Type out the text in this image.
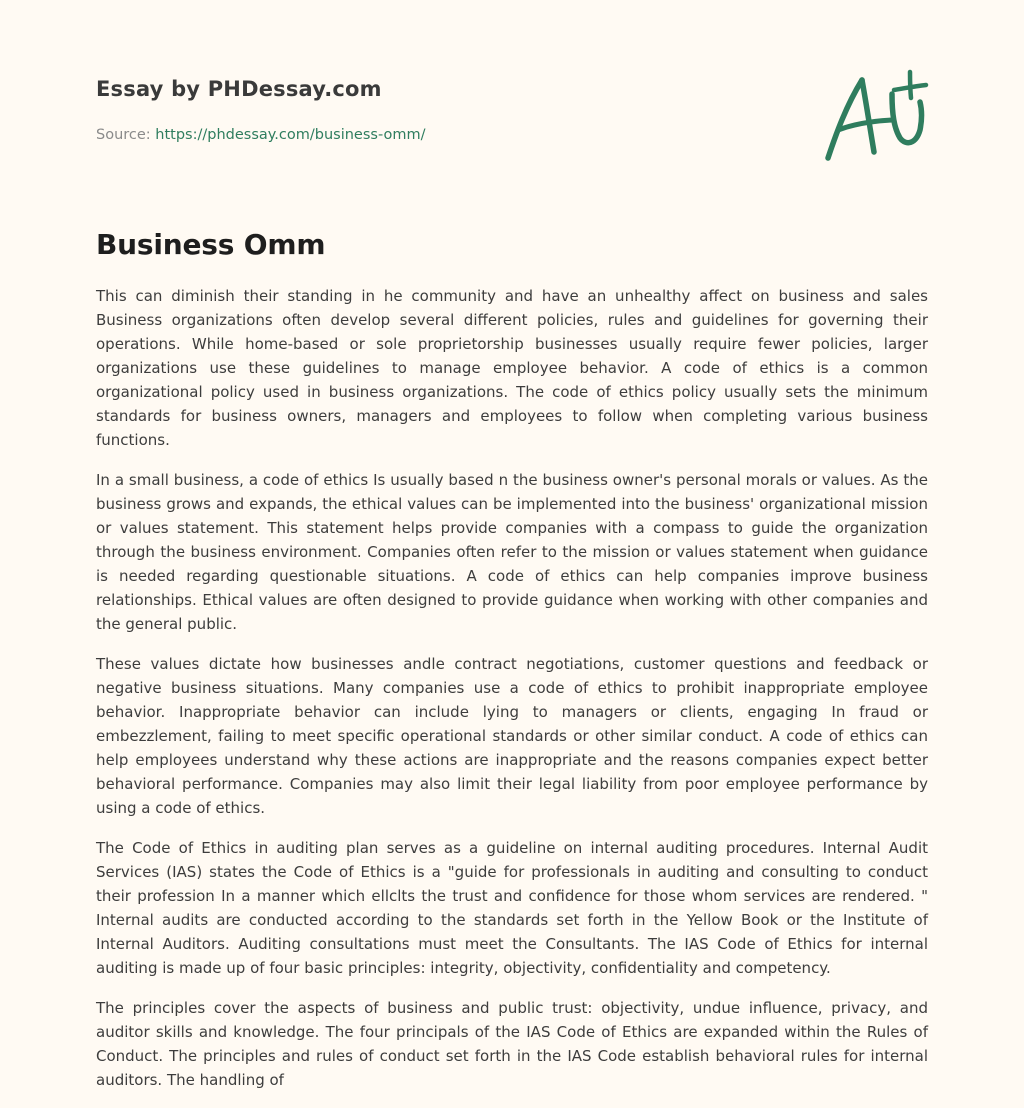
Essay by PHDessay.com
Source: https://phdessay.com/business-omm/
Business Omm

This can diminish their standing in he community and have an unhealthy affect on business and sales Business organizations often develop several different policies, rules and guidelines for governing their operations. While home-based or sole proprietorship businesses usually require fewer policies, larger organizations use these guidelines to manage employee behavior. A code of ethics is a common organizational policy used in business organizations. The code of ethics policy usually sets the minimum standards for business owners, managers and employees to follow when completing various business functions.

In a small business, a code of ethics Is usually based n the business owner's personal morals or values. As the business grows and expands, the ethical values can be implemented into the business' organizational mission or values statement. This statement helps provide companies with a compass to guide the organization through the business environment. Companies often refer to the mission or values statement when guidance is needed regarding questionable situations. A code of ethics can help companies improve business relationships. Ethical values are often designed to provide guidance when working with other companies and the general public.

These values dictate how businesses andle contract negotiations, customer questions and feedback or negative business situations. Many companies use a code of ethics to prohibit inappropriate employee behavior. Inappropriate behavior can include lying to managers or clients, engaging In fraud or embezzlement, failing to meet specific operational standards or other similar conduct. A code of ethics can help employees understand why these actions are inappropriate and the reasons companies expect better behavioral performance. Companies may also limit their legal liability from poor employee performance by using a code of ethics.

The Code of Ethics in auditing plan serves as a guideline on internal auditing procedures. Internal Audit Services (IAS) states the Code of Ethics is a "guide for professionals in auditing and consulting to conduct their profession In a manner which ellclts the trust and confidence for those whom services are rendered. " Internal audits are conducted according to the standards set forth in the Yellow Book or the Institute of Internal Auditors. Auditing consultations must meet the Consultants. The IAS Code of Ethics for internal auditing is made up of four basic principles: integrity, objectivity, confidentiality and competency.

The principles cover the aspects of business and public trust: objectivity, undue influence, privacy, and auditor skills and knowledge. The four principals of the IAS Code of Ethics are expanded within the Rules of Conduct. The principles and rules of conduct set forth in the IAS Code establish behavioral rules for internal auditors. The handling of
